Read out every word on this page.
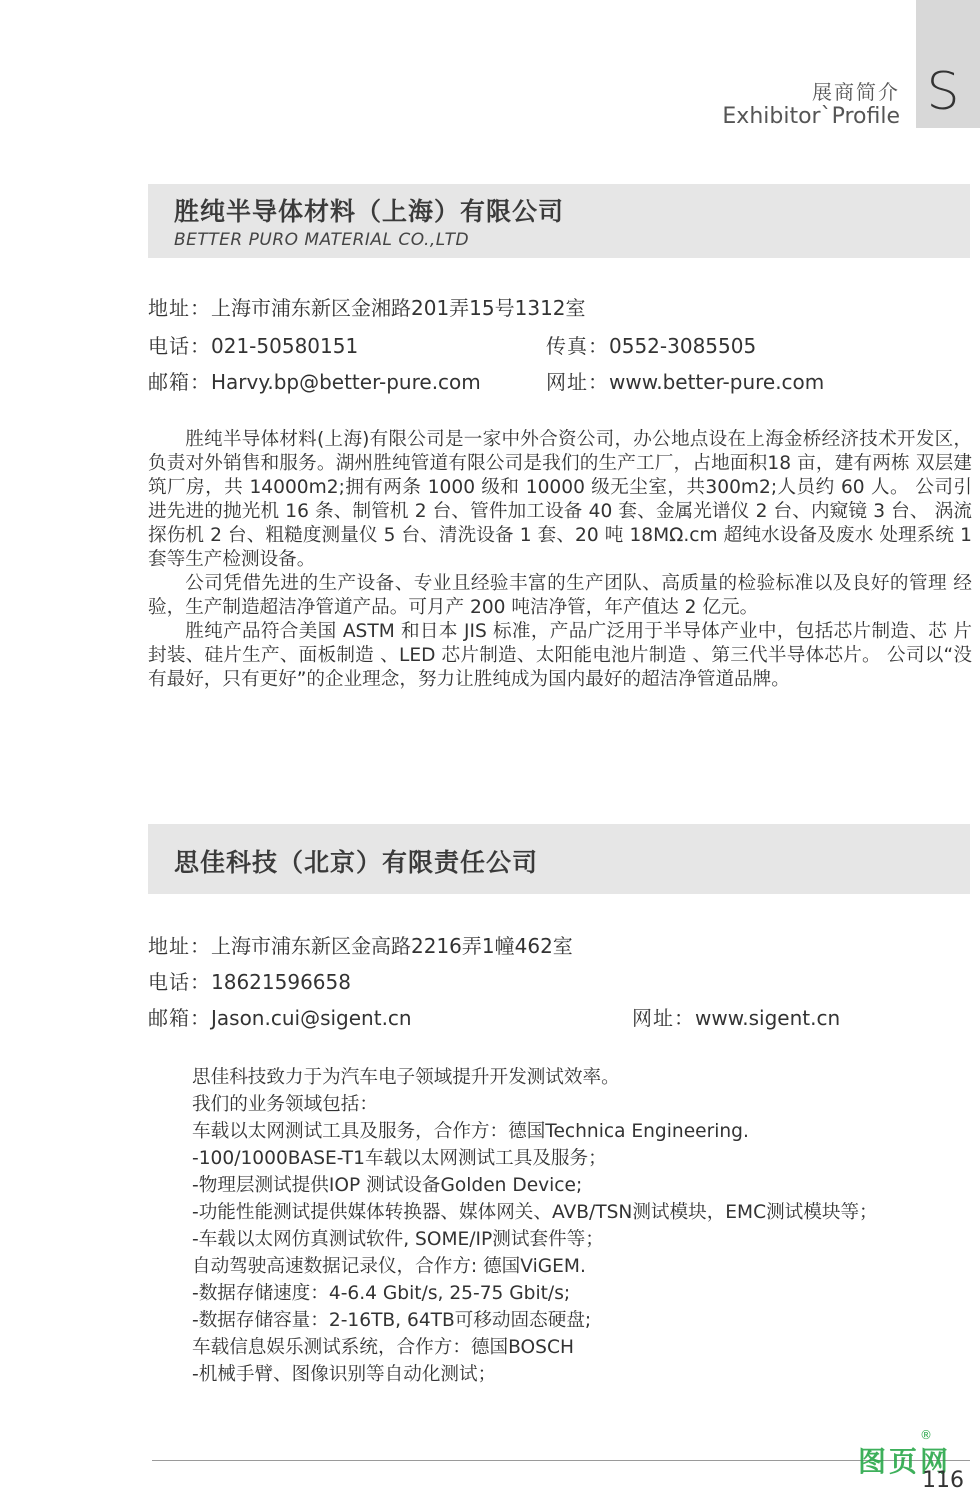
S
展商简介
Exhibitor`Profile
胜纯半导体材料（上海）有限公司
BETTER PURO MATERIAL CO.,LTD
地址：上海市浦东新区金湘路201弄15号1312室
电话：021-50580151	传真：0552-3085505
邮箱：Harvy.bp@better-pure.com	网址：www.better-pure.com

胜纯半导体材料(上海)有限公司是一家中外合资公司，办公地点设在上海金桥经济技术开发区， 负责对外销售和服务。湖州胜纯管道有限公司是我们的生产工厂，占地面积18 亩，建有两栋 双层建筑厂房，共 14000m2;拥有两条 1000 级和 10000 级无尘室，共300m2;人员约 60 人。 公司引进先进的抛光机 16 条、制管机 2 台、管件加工设备 40 套、金属光谱仪 2 台、内窥镜 3 台、 涡流探伤机 2 台、粗糙度测量仪 5 台、清洗设备 1 套、20 吨 18MΩ.cm 超纯水设备及废水 处理系统 1 套等生产检测设备。

公司凭借先进的生产设备、专业且经验丰富的生产团队、高质量的检验标准以及良好的管理 经验，生产制造超洁净管道产品。可月产 200 吨洁净管，年产值达 2 亿元。

胜纯产品符合美国 ASTM 和日本 JIS 标准，产品广泛用于半导体产业中，包括芯片制造、芯 片封装、硅片生产、面板制造 、LED 芯片制造、太阳能电池片制造 、第三代半导体芯片。 公司以“没有最好，只有更好”的企业理念，努力让胜纯成为国内最好的超洁净管道品牌。

思佳科技（北京）有限责任公司
地址：上海市浦东新区金高路2216弄1幢462室
电话：18621596658
邮箱：Jason.cui@sigent.cn	网址：www.sigent.cn
思佳科技致力于为汽车电子领域提升开发测试效率。
我们的业务领域包括：
车载以太网测试工具及服务，合作方：德国Technica Engineering.
-100/1000BASE-T1车载以太网测试工具及服务；
-物理层测试提供IOP 测试设备Golden Device;
-功能性能测试提供媒体转换器、媒体网关、AVB/TSN测试模块，EMC测试模块等；
-车载以太网仿真测试软件, SOME/IP测试套件等；
自动驾驶高速数据记录仪，合作方: 德国ViGEM.
-数据存储速度：4-6.4 Gbit/s, 25-75 Gbit/s;
-数据存储容量：2-16TB, 64TB可移动固态硬盘;
车载信息娱乐测试系统，合作方：德国BOSCH
-机械手臂、图像识别等自动化测试；
图页网
®
116
